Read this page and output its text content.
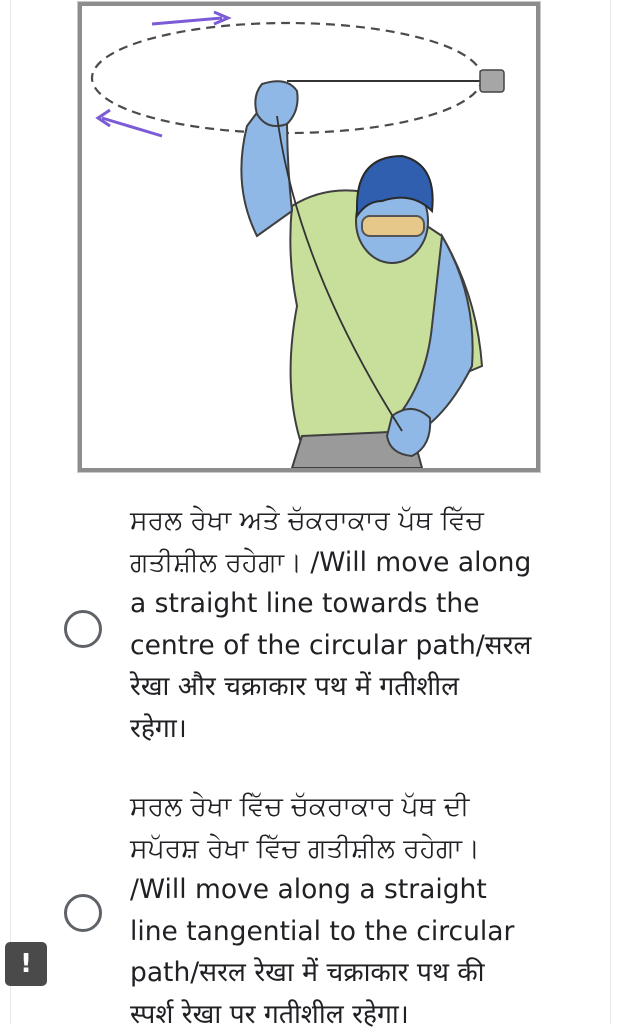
ਸਰਲ ਰੇਖਾ ਅਤੇ ਚੱਕਰਾਕਾਰ ਪੱਥ ਵਿੱਚ
ਗਤੀਸ਼ੀਲ ਰਹੇਗਾ। /Will move along
a straight line towards the
centre of the circular path/सरल
रेखा और चक्राकार पथ में गतीशील
रहेगा।
ਸਰਲ ਰੇਖਾ ਵਿੱਚ ਚੱਕਰਾਕਾਰ ਪੱਥ ਦੀ
ਸਪੱਰਸ਼ ਰੇਖਾ ਵਿੱਚ ਗਤੀਸ਼ੀਲ ਰਹੇਗਾ।
/Will move along a straight
line tangential to the circular
path/सरल रेखा में चक्राकार पथ की
स्पर्श रेखा पर गतीशील रहेगा।
!
